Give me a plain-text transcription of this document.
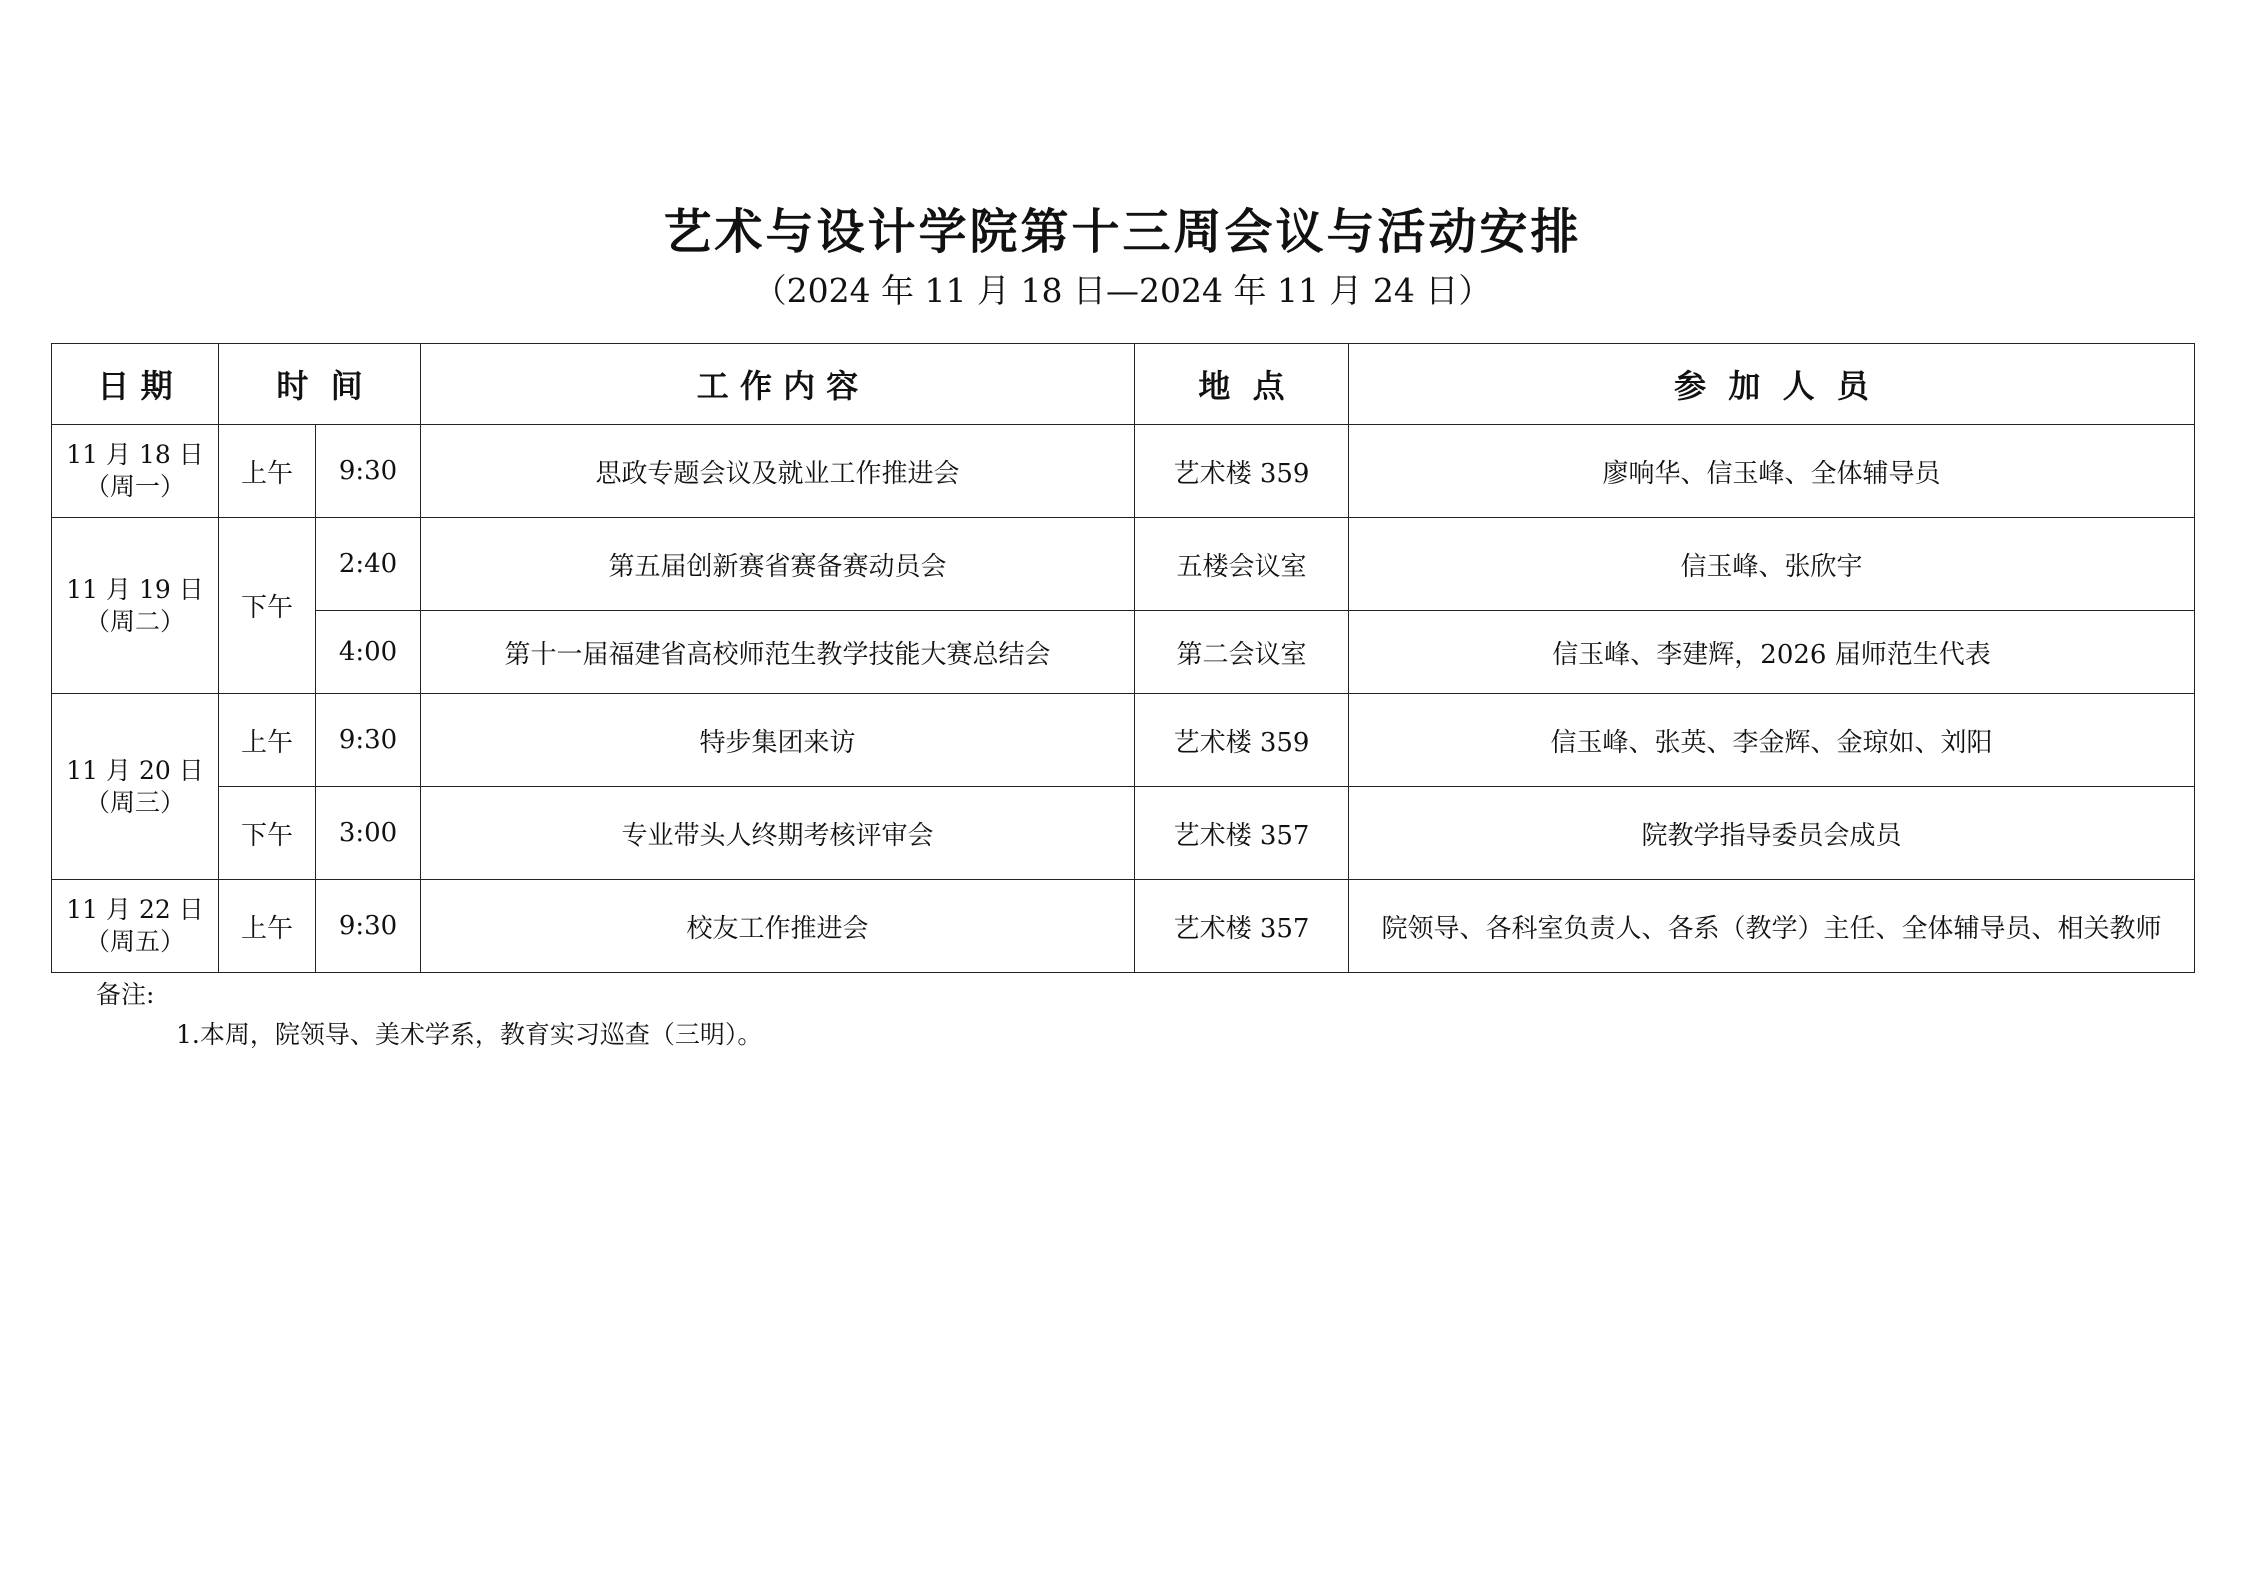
艺术与设计学院第十三周会议与活动安排

（2024 年 11 月 18 日—2024 年 11 月 24 日）

日 期	时  间		工 作 内 容	地  点	参  加  人  员

11 月 18 日
（周一）	上午	9:30	思政专题会议及就业工作推进会	艺术楼 359	廖响华、信玉峰、全体辅导员

11 月 19 日
（周二）	下午	2:40	第五届创新赛省赛备赛动员会	五楼会议室	信玉峰、张欣宇
		4:00	第十一届福建省高校师范生教学技能大赛总结会	第二会议室	信玉峰、李建辉，2026 届师范生代表

11 月 20 日
（周三）	上午	9:30	特步集团来访	艺术楼 359	信玉峰、张英、李金辉、金琼如、刘阳
	下午	3:00	专业带头人终期考核评审会	艺术楼 357	院教学指导委员会成员

11 月 22 日
（周五）	上午	9:30	校友工作推进会	艺术楼 357	院领导、各科室负责人、各系（教学）主任、全体辅导员、相关教师
备注:
1.本周，院领导、美术学系，教育实习巡查（三明）。
